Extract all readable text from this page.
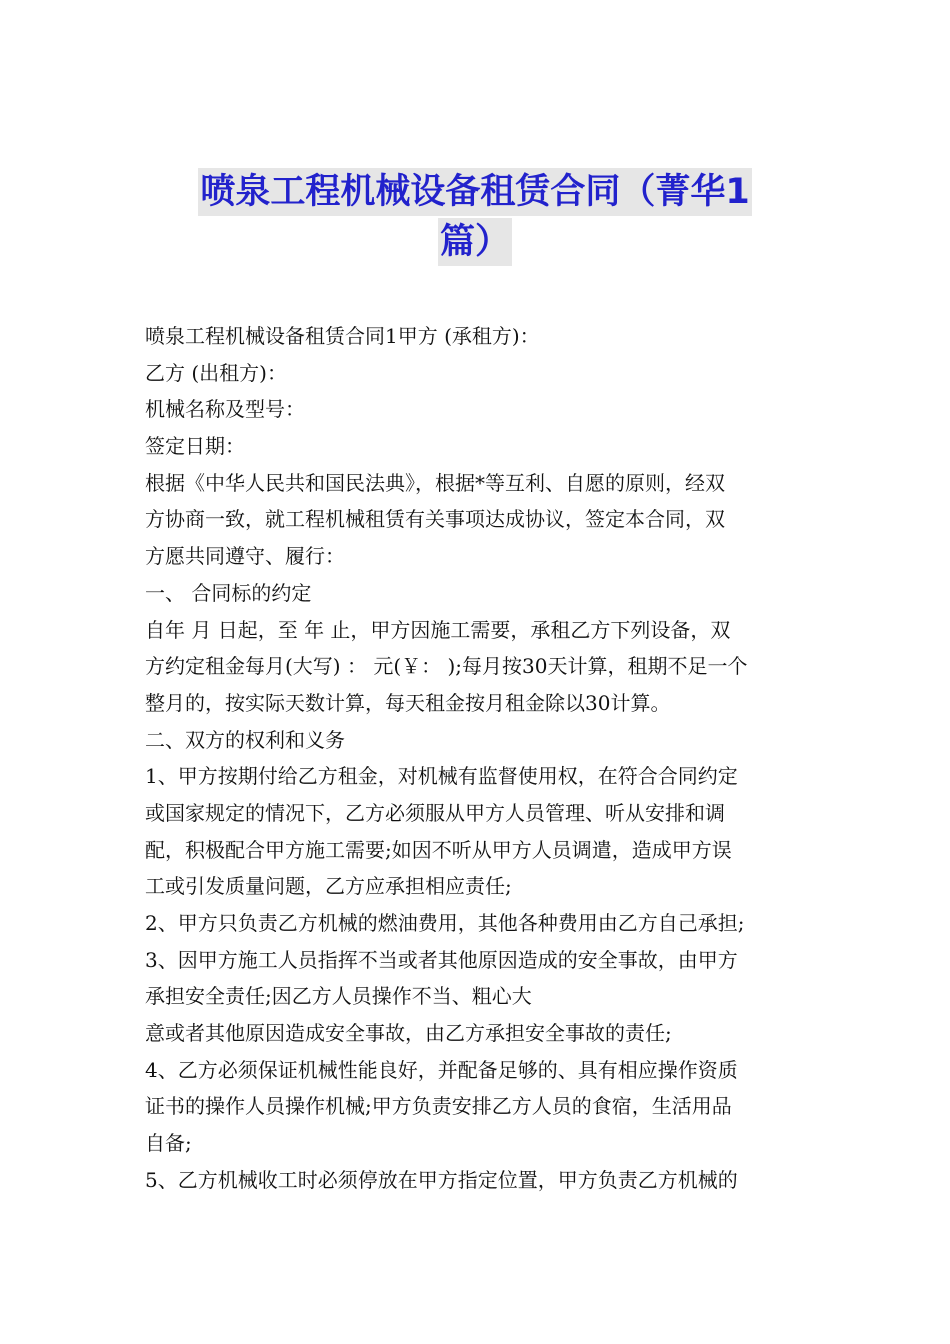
喷泉工程机械设备租赁合同（菁华1
篇）
喷泉工程机械设备租赁合同1甲方 (承租方)：
乙方 (出租方)：
机械名称及型号：
签定日期：
根据《中华人民共和国民法典》，根据*等互利、自愿的原则，经双
方协商一致，就工程机械租赁有关事项达成协议，签定本合同，双
方愿共同遵守、履行：
一、 合同标的约定
自年 月 日起，至 年 止，甲方因施工需要，承租乙方下列设备，双
方约定租金每月(大写) ： 元(￥： );每月按30天计算，租期不足一个
整月的，按实际天数计算，每天租金按月租金除以30计算。
二、双方的权利和义务
1、甲方按期付给乙方租金，对机械有监督使用权，在符合合同约定
或国家规定的情况下，乙方必须服从甲方人员管理、听从安排和调
配，积极配合甲方施工需要;如因不听从甲方人员调遣，造成甲方误
工或引发质量问题，乙方应承担相应责任;
2、甲方只负责乙方机械的燃油费用，其他各种费用由乙方自己承担;
3、因甲方施工人员指挥不当或者其他原因造成的安全事故，由甲方
承担安全责任;因乙方人员操作不当、粗心大
意或者其他原因造成安全事故，由乙方承担安全事故的责任;
4、乙方必须保证机械性能良好，并配备足够的、具有相应操作资质
证书的操作人员操作机械;甲方负责安排乙方人员的食宿，生活用品
自备;
5、乙方机械收工时必须停放在甲方指定位置，甲方负责乙方机械的
